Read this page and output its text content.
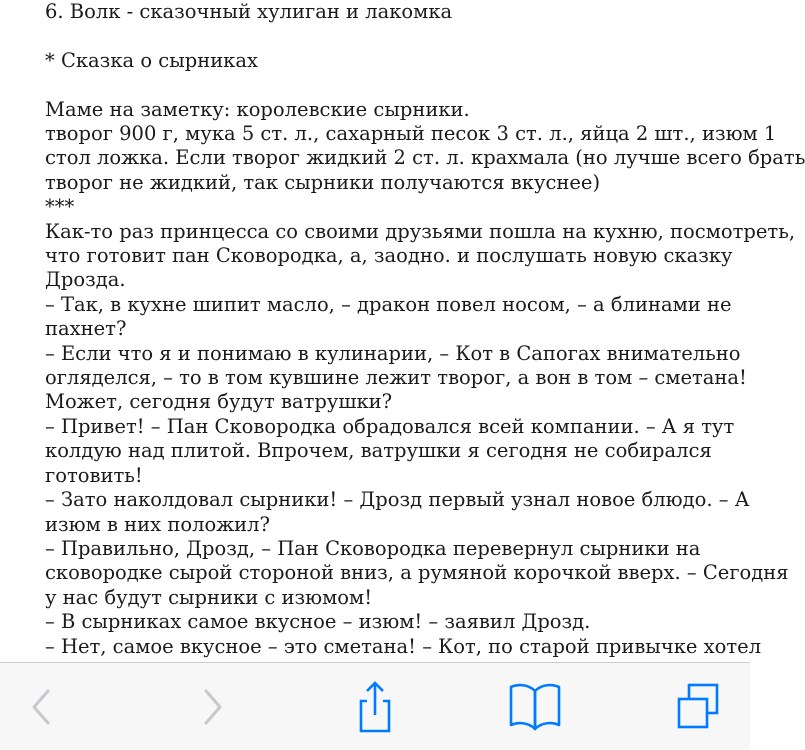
6. Волк - сказочный хулиган и лакомка
* Сказка о сырниках
Маме на заметку: королевские сырники.
творог 900 г, мука 5 ст. л., сахарный песок 3 ст. л., яйца 2 шт., изюм 1
стол ложка. Если творог жидкий 2 ст. л. крахмала (но лучше всего брать
творог не жидкий, так сырники получаются вкуснее)
***
Как-то раз принцесса со своими друзьями пошла на кухню, посмотреть,
что готовит пан Сковородка, а, заодно. и послушать новую сказку
Дрозда.
– Так, в кухне шипит масло, – дракон повел носом, – а блинами не
пахнет?
– Если что я и понимаю в кулинарии, – Кот в Сапогах внимательно
огляделся, – то в том кувшине лежит творог, а вон в том – сметана!
Может, сегодня будут ватрушки?
– Привет! – Пан Сковородка обрадовался всей компании. – А я тут
колдую над плитой. Впрочем, ватрушки я сегодня не собирался
готовить!
– Зато наколдовал сырники! – Дрозд первый узнал новое блюдо. – А
изюм в них положил?
– Правильно, Дрозд, – Пан Сковородка перевернул сырники на
сковородке сырой стороной вниз, а румяной корочкой вверх. – Сегодня
у нас будут сырники с изюмом!
– В сырниках самое вкусное – изюм! – заявил Дрозд.
– Нет, самое вкусное – это сметана! – Кот, по старой привычке хотел
